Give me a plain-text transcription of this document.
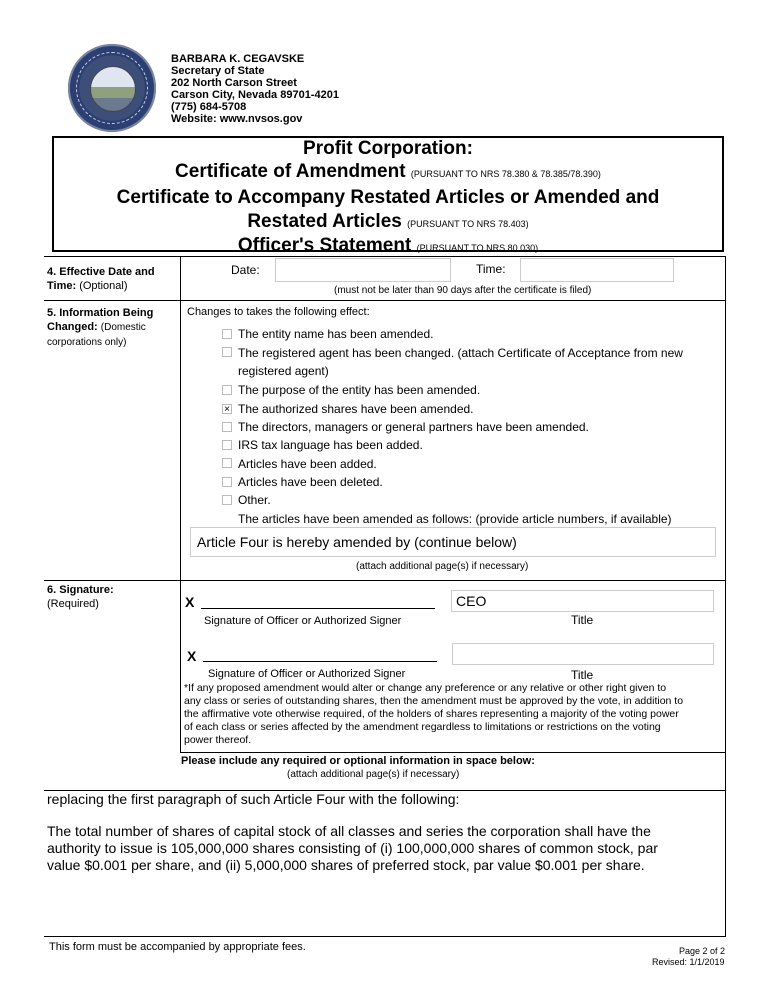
BARBARA K. CEGAVSKE
Secretary of State
202 North Carson Street
Carson City, Nevada 89701-4201
(775) 684-5708
Website: www.nvsos.gov
Profit Corporation:
Certificate of Amendment (PURSUANT TO NRS 78.380 & 78.385/78.390)
Certificate to Accompany Restated Articles or Amended and
Restated Articles (PURSUANT TO NRS 78.403)
Officer's Statement (PURSUANT TO NRS 80.030)
4. Effective Date and Time: (Optional)
Date:	Time:
(must not be later than 90 days after the certificate is filed)
5. Information Being Changed: (Domestic corporations only)
Changes to takes the following effect:
The entity name has been amended.
The registered agent has been changed. (attach Certificate of Acceptance from new
registered agent)
The purpose of the entity has been amended.
× The authorized shares have been amended.
The directors, managers or general partners have been amended.
IRS tax language has been added.
Articles have been added.
Articles have been deleted.
Other.
The articles have been amended as follows: (provide article numbers, if available)
Article Four is hereby amended by (continue below)
(attach additional page(s) if necessary)
6. Signature:
(Required)	X
Signature of Officer or Authorized Signer
CEO
Title
X
Signature of Officer or Authorized Signer	Title
*If any proposed amendment would alter or change any preference or any relative or other right given to
any class or series of outstanding shares, then the amendment must be approved by the vote, in addition to
the affirmative vote otherwise required, of the holders of shares representing a majority of the voting power
of each class or series affected by the amendment regardless to limitations or restrictions on the voting
power thereof.
Please include any required or optional information in space below:
(attach additional page(s) if necessary)
replacing the first paragraph of such Article Four with the following:
The total number of shares of capital stock of all classes and series the corporation shall have the
authority to issue is 105,000,000 shares consisting of (i) 100,000,000 shares of common stock, par
value $0.001 per share, and (ii) 5,000,000 shares of preferred stock, par value $0.001 per share.
This form must be accompanied by appropriate fees.	Page 2 of 2
Revised: 1/1/2019
